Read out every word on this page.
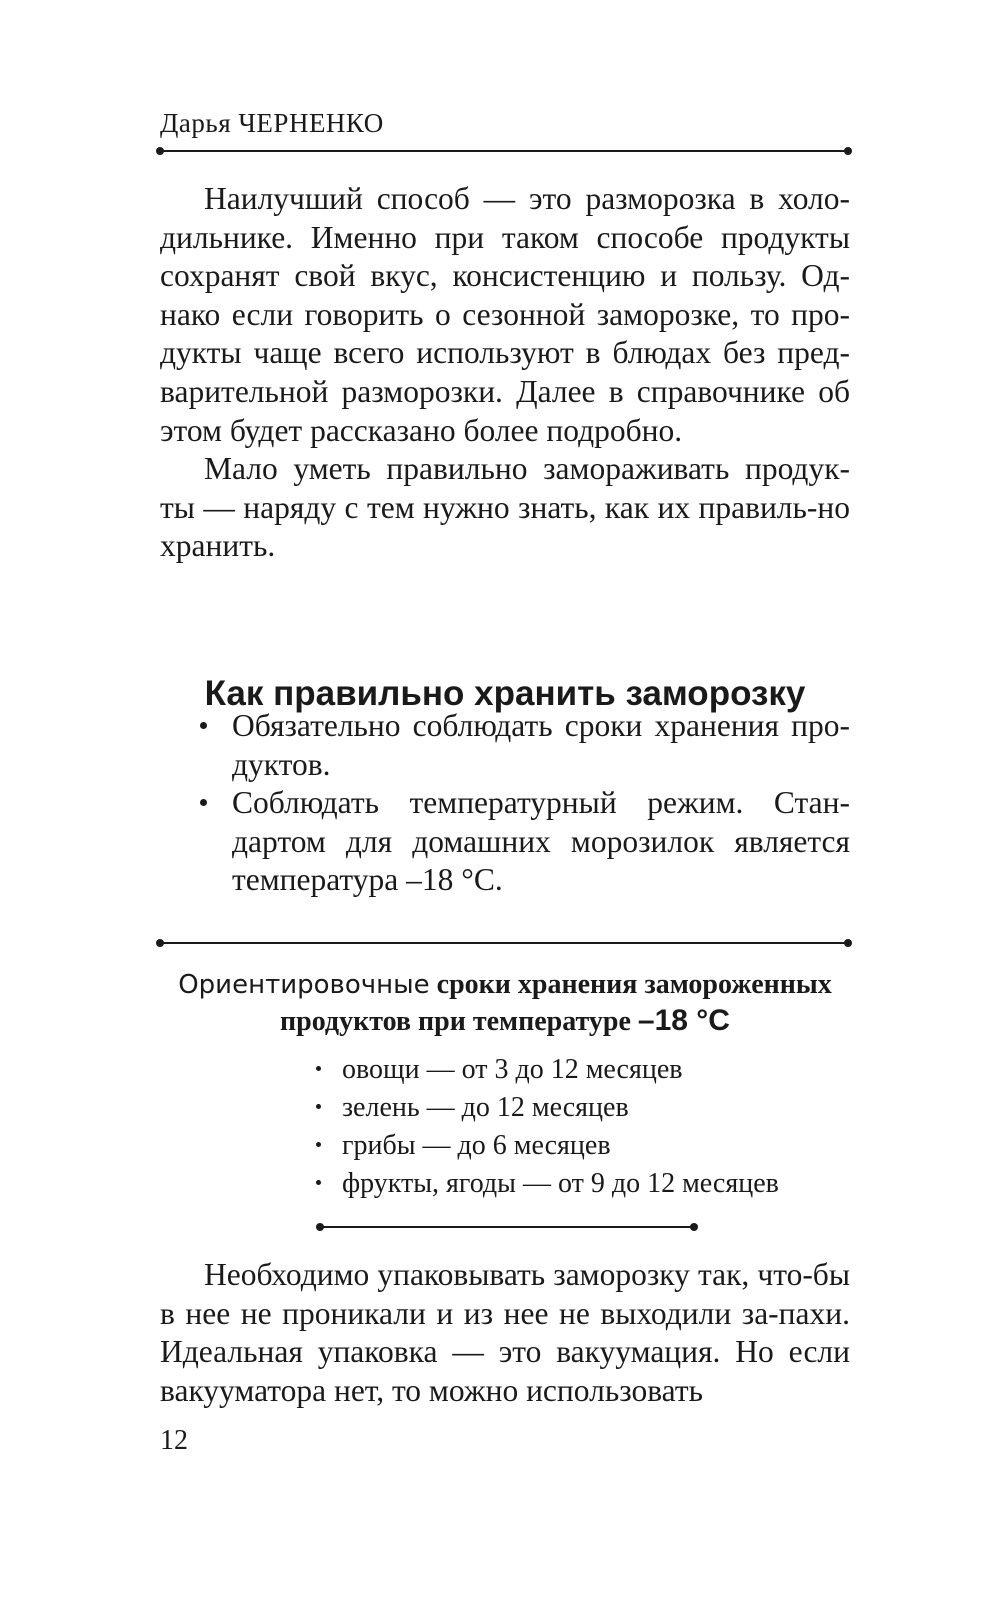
Дарья ЧЕРНЕНКО

Наилучший способ — это разморозка в холо-дильнике. Именно при таком способе продукты сохранят свой вкус, консистенцию и пользу. Од-нако если говорить о сезонной заморозке, то про-дукты чаще всего используют в блюдах без пред-варительной разморозки. Далее в справочнике об этом будет рассказано более подробно.

Мало уметь правильно замораживать продук-ты — наряду с тем нужно знать, как их правиль-но хранить.

Как правильно хранить заморозку
Обязательно соблюдать сроки хранения про-дуктов.
Соблюдать температурный режим. Стан-дартом для домашних морозилок является температура –18 °C.
Ориентировочные сроки хранения замороженных продуктов при температуре –18 °С
овощи — от 3 до 12 месяцев
зелень — до 12 месяцев
грибы — до 6 месяцев
фрукты, ягоды — от 9 до 12 месяцев

Необходимо упаковывать заморозку так, что-бы в нее не проникали и из нее не выходили за-пахи. Идеальная упаковка — это вакуумация. Но если вакууматора нет, то можно использовать

12
